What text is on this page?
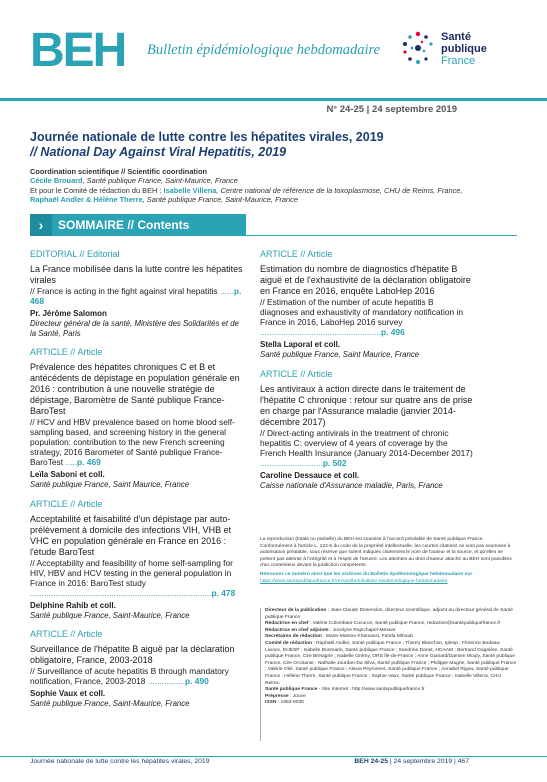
BEH Bulletin épidémiologique hebdomadaire
Santé
publique
France
N° 24-25 | 24 septembre 2019
Journée nationale de lutte contre les hépatites virales, 2019
// National Day Against Viral Hepatitis, 2019
Coordination scientifique // Scientific coordination
Cécile Brouard, Santé publique France, Saint-Maurice, France
Et pour le Comité de rédaction du BEH : Isabelle Villena, Centre national de référence de la toxoplasmose, CHU de Reims, France,
Raphaël Andler & Hélène Therre, Santé publique France, Saint-Maurice, France
›	SOMMAIRE // Contents
EDITORIAL // Editorial
La France mobilisée dans la lutte contre les hépatites virales
// France is acting in the fight against viral hepatitis ......p. 468
Pr. Jérôme Salomon
Directeur général de la santé, Ministère des Solidarités et de la Santé, Paris
ARTICLE // Article
Prévalence des hépatites chroniques C et B et antécédents de dépistage en population générale en 2016 : contribution à une nouvelle stratégie de dépistage, Baromètre de Santé publique France-BaroTest
// HCV and HBV prevalence based on home blood self-sampling based, and screening history in the general population: contribution to the new French screening strategy, 2016 Barometer of Santé publique France-BaroTest .....p. 469
Leïla Saboni et coll.
Santé publique France, Saint Maurice, France
ARTICLE // Article
Acceptabilité et faisabilité d'un dépistage par auto-prélèvement à domicile des infections VIH, VHB et VHC en population générale en France en 2016 : l'étude BaroTest
// Acceptability and feasibility of home self-sampling for HIV, HBV and HCV testing in the general population in France in 2016: BaroTest study ..............................................................................p. 478
Delphine Rahib et coll.
Santé publique France, Saint-Maurice, France
ARTICLE // Article
Surveillance de l'hépatite B aiguë par la déclaration obligatoire, France, 2003-2018
// Surveillance of acute hepatitis B through mandatory notification, France, 2003-2018 ................p. 490
Sophie Vaux et coll.
Santé publique France, Saint-Maurice, France
ARTICLE // Article
Estimation du nombre de diagnostics d'hépatite B aiguë et de l'exhaustivité de la déclaration obligatoire en France en 2016, enquête LaboHep 2016
// Estimation of the number of acute hepatitis B diagnoses and exhaustivity of mandatory notification in France in 2016, LaboHep 2016 survey ....................................................p. 496
Stella Laporal et coll.
Santé publique France, Saint Maurice, France
ARTICLE // Article
Les antiviraux à action directe dans le traitement de l'hépatite C chronique : retour sur quatre ans de prise en charge par l'Assurance maladie (janvier 2014-décembre 2017)
// Direct-acting antivirals in the treatment of chronic hepatitis C: overview of 4 years of coverage by the French Health Insurance (January 2014-December 2017) ...........................p. 502
Caroline Dessauce et coll.
Caisse nationale d'Assurance maladie, Paris, France
La reproduction (totale ou partielle) du BEH est soumise à l'accord préalable de Santé publique France. Conformément à l'article L. 122-5 du code de la propriété intellectuelle, les courtes citations ne sont pas soumises à autorisation préalable, sous réserve que soient indiqués clairement le nom de l'auteur et la source, et qu'elles ne portent pas atteinte à l'intégrité et à l'esprit de l'oeuvre. Les atteintes au droit d'auteur attaché au BEH sont passibles d'un contentieux devant la juridiction compétente.
Retrouvez ce numéro ainsi que les archives du Bulletin épidémiologique hebdomadaire sur
https://www.santepubliquefrance.fr/revues/beh/bulletin-epidemiologique-hebdomadaire
Directeur de la publication : Jean-Claude Desenclos, directeur scientifique, adjoint au directeur général de Santé publique France
Rédactrice en chef : Valérie Colombani-Cocuron, Santé publique France, redaction@santepubliquefrance.fr
Rédactrice en chef adjointe : Jocelyne Rajnchapel-Messaï
Secrétaires de rédaction : Marie-Martine Khamassi, Farida Mihoub
Comité de rédaction : Raphaël Andler, Santé publique France ; Thierry Blanchon, Iplesp ; Florence Bodeau-Livinec, EHESP ; Isabelle Bonmarin, Santé publique France ; Sandrine Danet, HCAAM ; Bertrand Gagnière, Santé publique France, Cire Bretagne ; Isabelle Grémy, ORS Île-de-France ; Anne Guinard/Damien Mouly, Santé publique France, Cire Occitanie ; Nathalie Jourdan-Da Silva, Santé publique France ; Philippe Magne, Santé publique France ; Valérie Olié, Santé publique France ; Alexia Peyronnet, Santé publique France ; Annabel Rigou, Santé publique France ; Hélène Therre, Santé publique France ; Sophie Vaux, Santé publique France ; Isabelle Villena, CHU Reims.
Santé publique France - Site Internet : http://www.santepubliquefrance.fr
Prépresse : Jouve
ISSN : 1953-8030
Journée nationale de lutte contre les hépatites virales, 2019	BEH 24-25 | 24 septembre 2019 | 467
